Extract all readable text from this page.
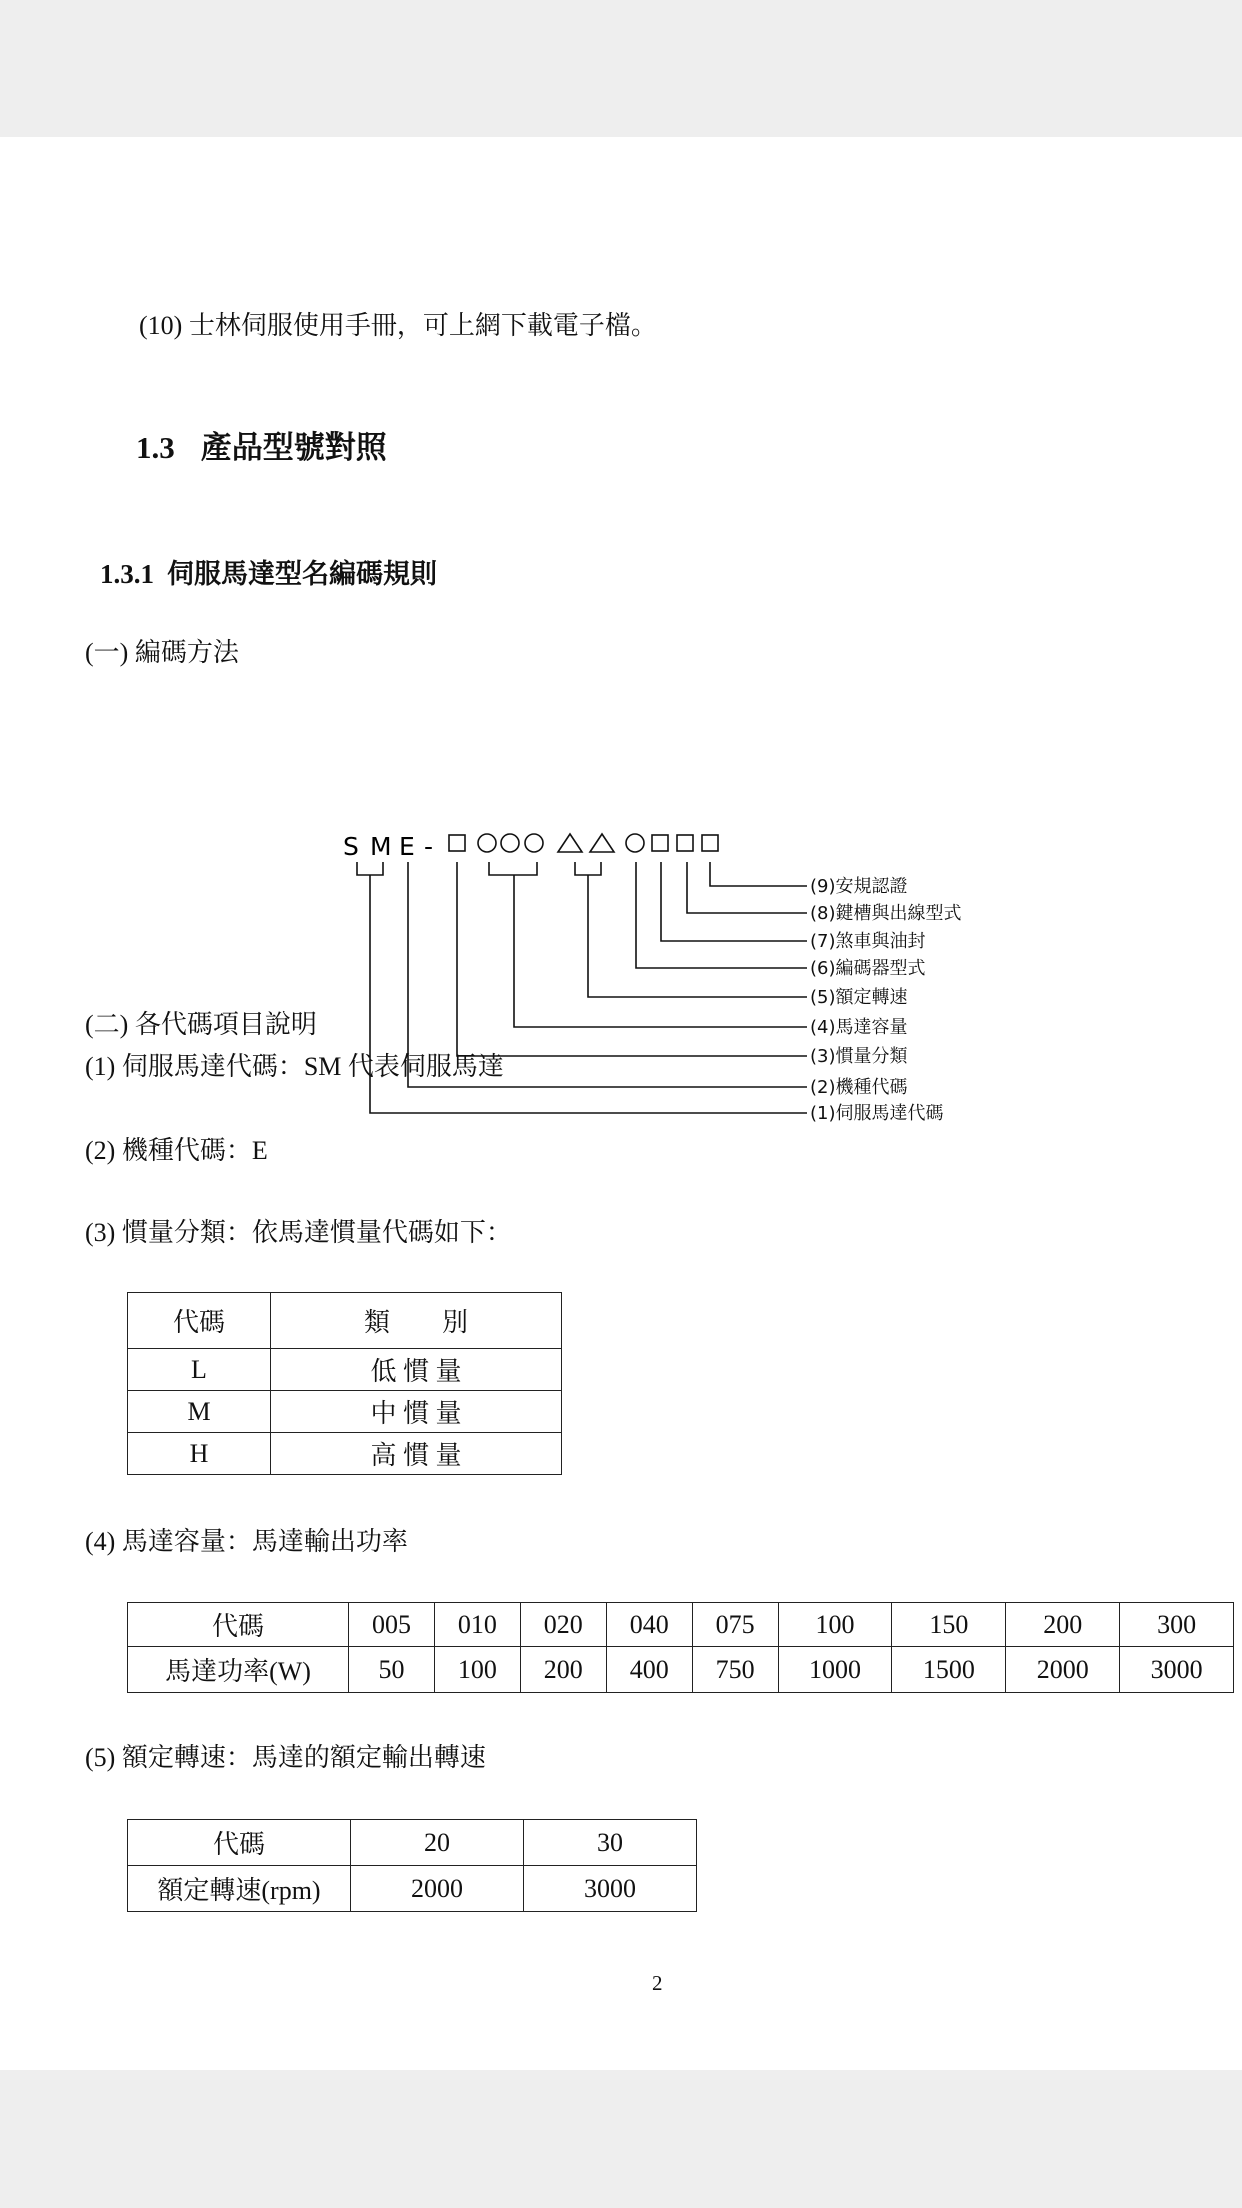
(10) 士林伺服使用手冊，可上網下載電子檔。
1.3 產品型號對照
1.3.1 伺服馬達型名編碼規則
(一) 編碼方法
S M E -
(9)安規認證
(8)鍵槽與出線型式
(7)煞車與油封
(6)編碼器型式
(5)額定轉速
(4)馬達容量
(3)慣量分類
(2)機種代碼
(1)伺服馬達代碼
(二) 各代碼項目說明
(1) 伺服馬達代碼：SM 代表伺服馬達
(2) 機種代碼：E
(3) 慣量分類：依馬達慣量代碼如下：
代碼	類　　別
L	低 慣 量
M	中 慣 量
H	高 慣 量
(4) 馬達容量：馬達輸出功率
代碼	005	010	020	040	075	100	150	200	300
馬達功率(W)	50	100	200	400	750	1000	1500	2000	3000
(5) 額定轉速：馬達的額定輸出轉速
代碼	20	30
額定轉速(rpm)	2000	3000
2
